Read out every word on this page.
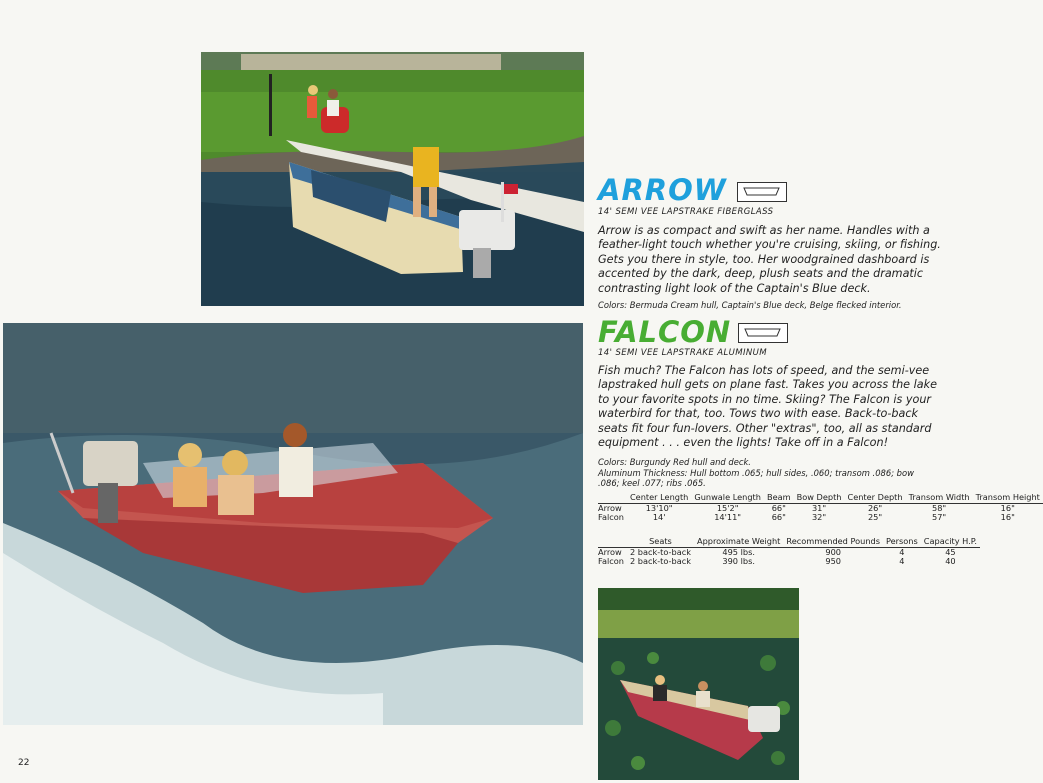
ARROW

14' SEMI VEE LAPSTRAKE FIBERGLASS

Arrow is as compact and swift as her name. Handles with a feather-light touch whether you're cruising, skiing, or fishing. Gets you there in style, too. Her woodgrained dashboard is accented by the dark, deep, plush seats and the dramatic contrasting light look of the Captain's Blue deck.

Colors: Bermuda Cream hull, Captain's Blue deck, Belge flecked interior.

FALCON

14' SEMI VEE LAPSTRAKE ALUMINUM

Fish much? The Falcon has lots of speed, and the semi-vee lapstraked hull gets on plane fast. Takes you across the lake to your favorite spots in no time. Skiing? The Falcon is your waterbird for that, too. Tows two with ease. Back-to-back seats fit four fun-lovers. Other "extras", too, all as standard equipment . . . even the lights! Take off in a Falcon!

Colors: Burgundy Red hull and deck.
Aluminum Thickness: Hull bottom .065; hull sides, .060; transom .086; bow .086; keel .077; ribs .065.
	Center Length	Gunwale Length	Beam	Bow Depth	Center Depth	Transom Width	Transom Height
Arrow	13'10"	15'2"	66"	31"	26"	58"	16"
Falcon	14'	14'11"	66"	32"	25"	57"	16"
	Seats	Approximate Weight	Recommended Pounds	Persons	Capacity H.P.
Arrow	2 back-to-back	495 lbs.	900	4	45
Falcon	2 back-to-back	390 lbs.	950	4	40
22
